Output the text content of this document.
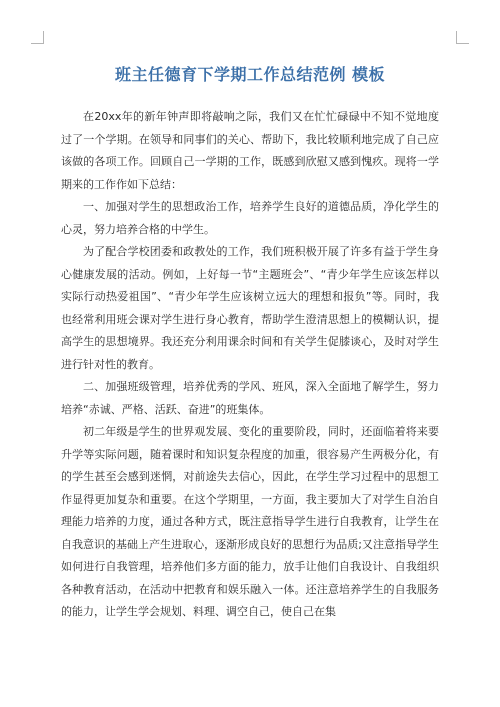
班主任德育下学期工作总结范例 模板

在20xx年的新年钟声即将敲响之际，我们又在忙忙碌碌中不知不觉地度过了一个学期。在领导和同事们的关心、帮助下，我比较顺利地完成了自己应该做的各项工作。回顾自己一学期的工作，既感到欣慰又感到愧疚。现将一学期来的工作作如下总结：

一、加强对学生的思想政治工作，培养学生良好的道德品质，净化学生的心灵，努力培养合格的中学生。

为了配合学校团委和政教处的工作，我们班积极开展了许多有益于学生身心健康发展的活动。例如，上好每一节“主题班会”、“青少年学生应该怎样以实际行动热爱祖国”、“青少年学生应该树立远大的理想和报负”等。同时，我也经常利用班会课对学生进行身心教育，帮助学生澄清思想上的模糊认识，提高学生的思想境界。我还充分利用课余时间和有关学生促膝谈心，及时对学生进行针对性的教育。

二、加强班级管理，培养优秀的学风、班风，深入全面地了解学生，努力培养“赤诚、严格、活跃、奋进”的班集体。

初二年级是学生的世界观发展、变化的重要阶段，同时，还面临着将来要升学等实际问题，随着课时和知识复杂程度的加重，很容易产生两极分化，有的学生甚至会感到迷惘，对前途失去信心，因此，在学生学习过程中的思想工作显得更加复杂和重要。在这个学期里，一方面，我主要加大了对学生自治自理能力培养的力度，通过各种方式，既注意指导学生进行自我教育，让学生在自我意识的基础上产生进取心，逐渐形成良好的思想行为品质;又注意指导学生如何进行自我管理，培养他们多方面的能力，放手让他们自我设计、自我组织各种教育活动，在活动中把教育和娱乐融入一体。还注意培养学生的自我服务的能力，让学生学会规划、料理、调空自己，使自己在集
